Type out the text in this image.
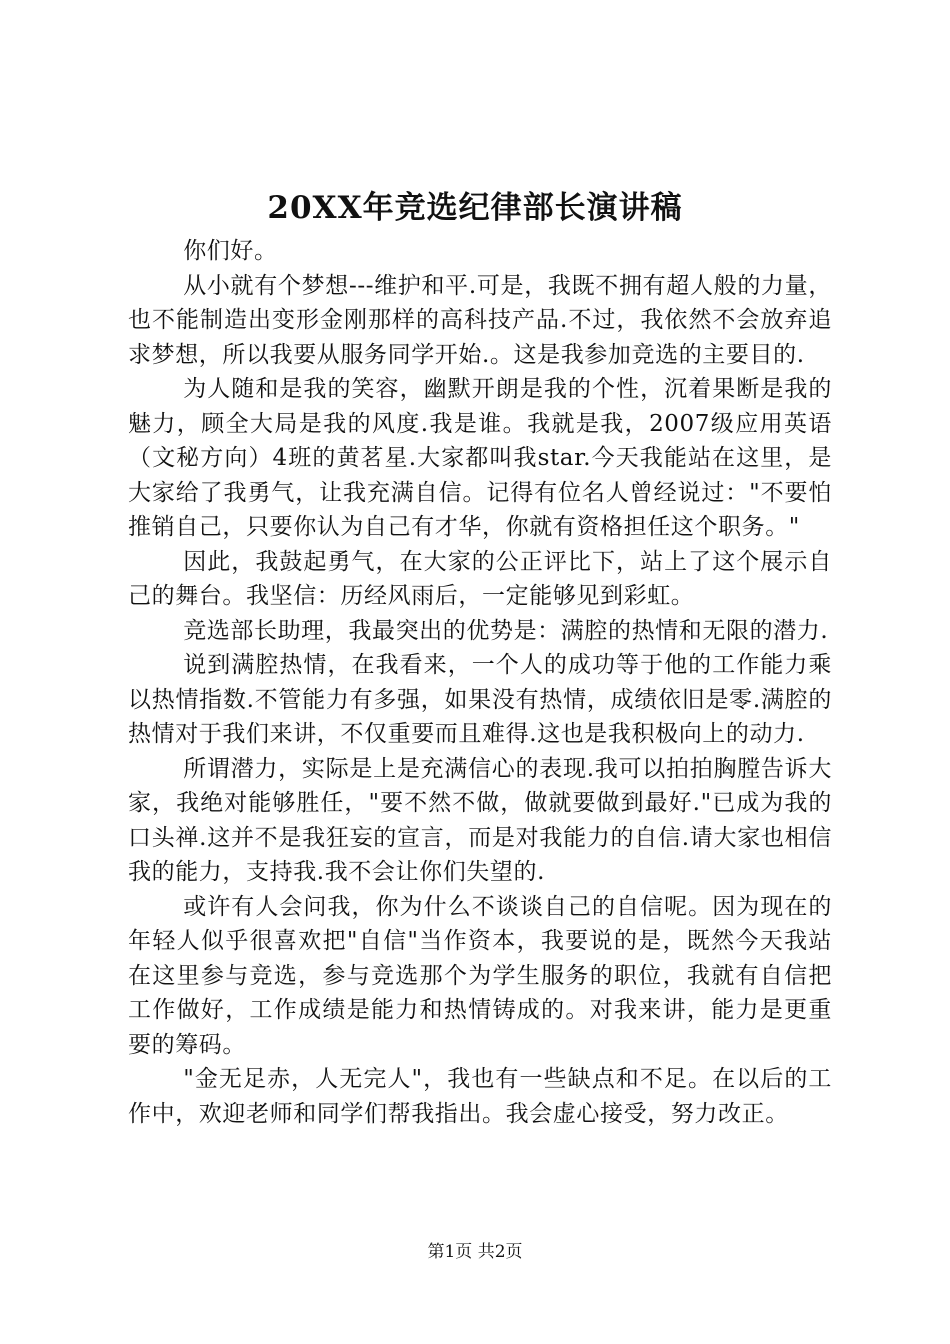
20XX年竞选纪律部长演讲稿

你们好。

从小就有个梦想---维护和平.可是，我既不拥有超人般的力量，也不能制造出变形金刚那样的高科技产品.不过，我依然不会放弃追求梦想，所以我要从服务同学开始.。这是我参加竞选的主要目的.

为人随和是我的笑容，幽默开朗是我的个性，沉着果断是我的魅力，顾全大局是我的风度.我是谁。我就是我，2007级应用英语（文秘方向）4班的黄茗星.大家都叫我star.今天我能站在这里，是大家给了我勇气，让我充满自信。记得有位名人曾经说过："不要怕推销自己，只要你认为自己有才华，你就有资格担任这个职务。"

因此，我鼓起勇气，在大家的公正评比下，站上了这个展示自己的舞台。我坚信：历经风雨后，一定能够见到彩虹。

竞选部长助理，我最突出的优势是：满腔的热情和无限的潜力.

说到满腔热情，在我看来，一个人的成功等于他的工作能力乘以热情指数.不管能力有多强，如果没有热情，成绩依旧是零.满腔的热情对于我们来讲，不仅重要而且难得.这也是我积极向上的动力.

所谓潜力，实际是上是充满信心的表现.我可以拍拍胸膛告诉大家，我绝对能够胜任，"要不然不做，做就要做到最好."已成为我的口头禅.这并不是我狂妄的宣言，而是对我能力的自信.请大家也相信我的能力，支持我.我不会让你们失望的.

或许有人会问我，你为什么不谈谈自己的自信呢。因为现在的年轻人似乎很喜欢把"自信"当作资本，我要说的是，既然今天我站在这里参与竞选，参与竞选那个为学生服务的职位，我就有自信把工作做好，工作成绩是能力和热情铸成的。对我来讲，能力是更重要的筹码。

"金无足赤，人无完人"，我也有一些缺点和不足。在以后的工作中，欢迎老师和同学们帮我指出。我会虚心接受，努力改正。

第1页 共2页
